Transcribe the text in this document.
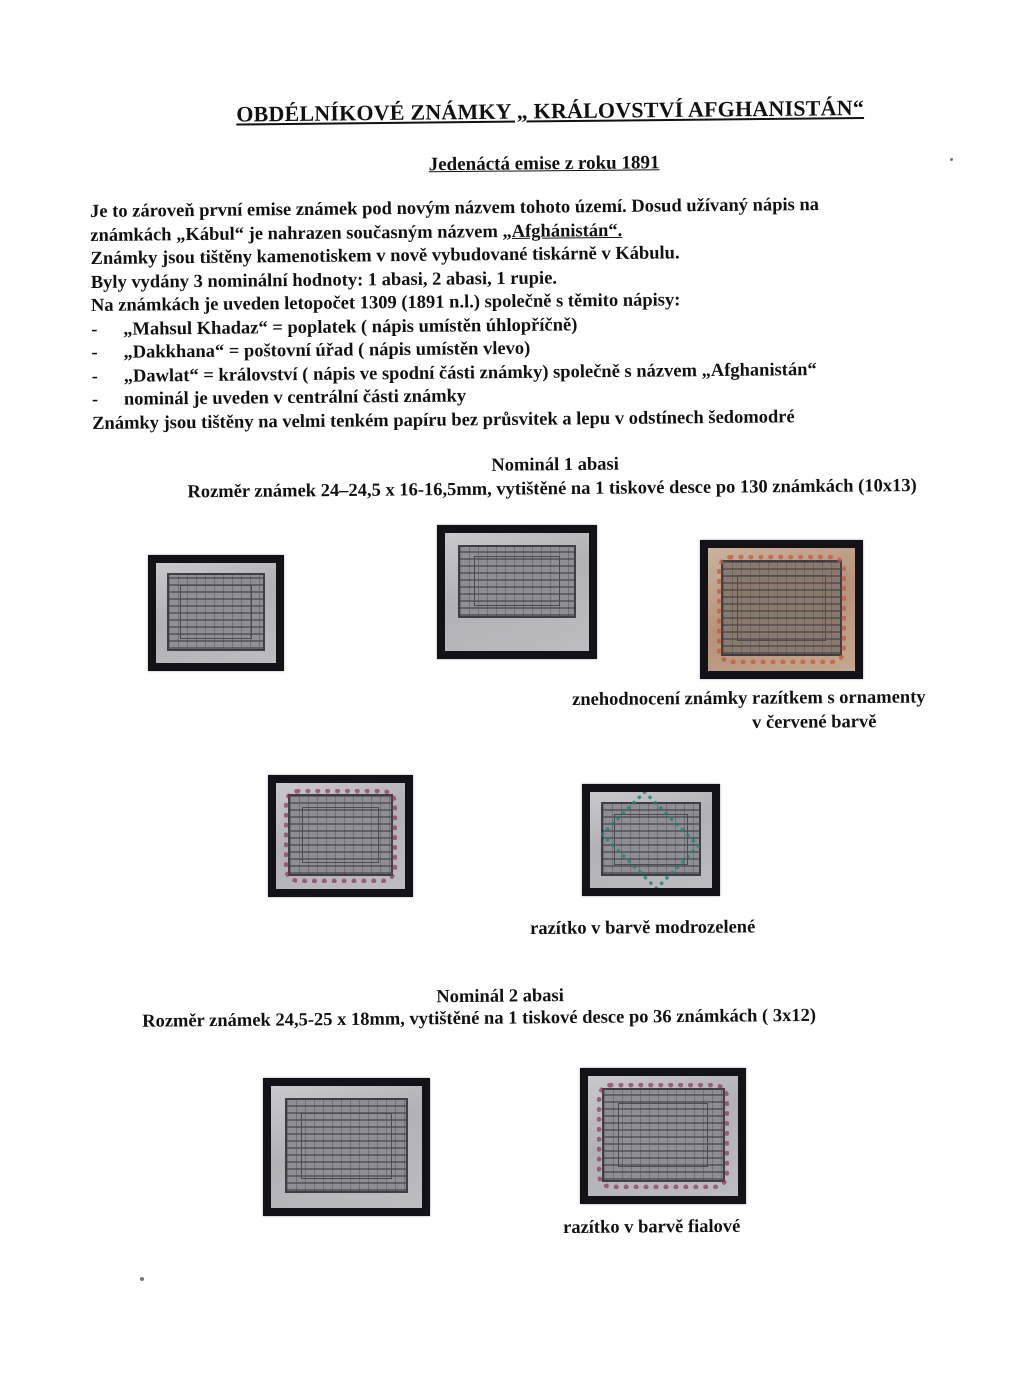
OBDÉLNÍKOVÉ ZNÁMKY „ KRÁLOVSTVÍ AFGHANISTÁN“
Jedenáctá emise z roku 1891

Je to zároveň první emise známek pod novým názvem tohoto území. Dosud užívaný nápis na

známkách „Kábul“ je nahrazen současným názvem „Afghánistán“.

Známky jsou tištěny kamenotiskem v nově vybudované tiskárně v Kábulu.

Byly vydány 3 nominální hodnoty: 1 abasi, 2 abasi, 1 rupie.

Na známkách je uveden letopočet 1309 (1891 n.l.) společně s těmito nápisy:

- „Mahsul Khadaz“ = poplatek ( nápis umístěn úhlopříčně)

- „Dakkhana“ = poštovní úřad ( nápis umístěn vlevo)

- „Dawlat“ = království ( nápis ve spodní části známky) společně s názvem „Afghanistán“

- nominál je uveden v centrální části známky

Známky jsou tištěny na velmi tenkém papíru bez průsvitek a lepu v odstínech šedomodré

Nominál 1 abasi
Rozměr známek 24–24,5 x 16-16,5mm, vytištěné na 1 tiskové desce po 130 známkách (10x13)
znehodnocení známky razítkem s ornamenty
v červené barvě
razítko v barvě modrozelené
Nominál 2 abasi
Rozměr známek 24,5-25 x 18mm, vytištěné na 1 tiskové desce po 36 známkách ( 3x12)
razítko v barvě fialové
